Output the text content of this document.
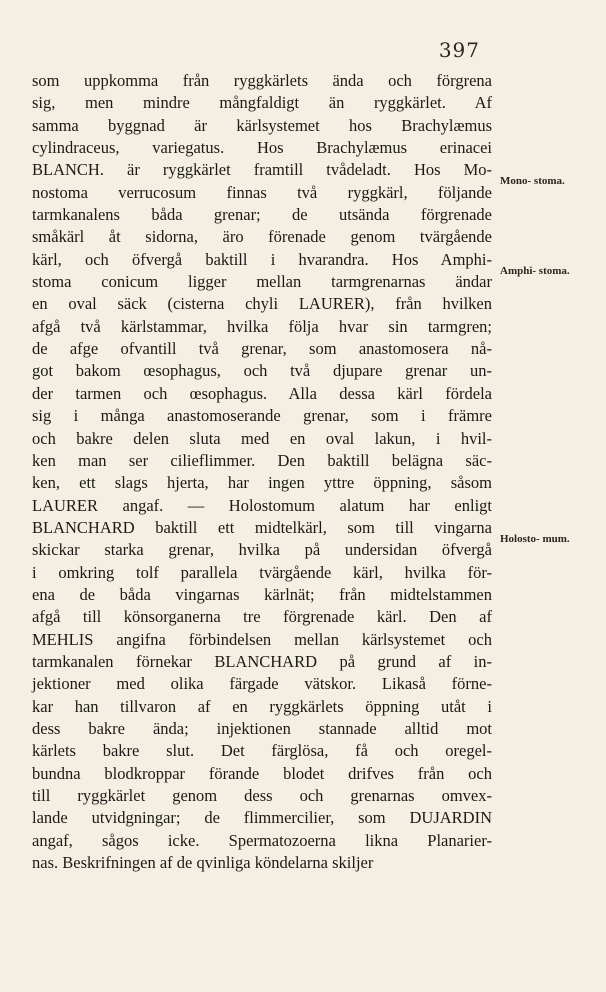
397
som uppkomma från ryggkärlets ända och förgrena
sig, men mindre mångfaldigt än ryggkärlet. Af
samma byggnad är kärlsystemet hos Brachylæmus
cylindraceus, variegatus. Hos Brachylæmus erinacei
BLANCH. är ryggkärlet framtill tvådeladt. Hos Mo-
nostoma verrucosum finnas två ryggkärl, följande
tarmkanalens båda grenar; de utsända förgrenade
småkärl åt sidorna, äro förenade genom tvärgående
kärl, och öfvergå baktill i hvarandra. Hos Amphi-
stoma conicum ligger mellan tarmgrenarnas ändar
en oval säck (cisterna chyli LAURER), från hvilken
afgå två kärlstammar, hvilka följa hvar sin tarmgren;
de afge ofvantill två grenar, som anastomosera nå-
got bakom œsophagus, och två djupare grenar un-
der tarmen och œsophagus. Alla dessa kärl fördela
sig i många anastomoserande grenar, som i främre
och bakre delen sluta med en oval lakun, i hvil-
ken man ser cilieflimmer. Den baktill belägna säc-
ken, ett slags hjerta, har ingen yttre öppning, såsom
LAURER angaf. — Holostomum alatum har enligt
BLANCHARD baktill ett midtelkärl, som till vingarna
skickar starka grenar, hvilka på undersidan öfvergå
i omkring tolf parallela tvärgående kärl, hvilka för-
ena de båda vingarnas kärlnät; från midtelstammen
afgå till könsorganerna tre förgrenade kärl. Den af
MEHLIS angifna förbindelsen mellan kärlsystemet och
tarmkanalen förnekar BLANCHARD på grund af in-
jektioner med olika färgade vätskor. Likaså förne-
kar han tillvaron af en ryggkärlets öppning utåt i
dess bakre ända; injektionen stannade alltid mot
kärlets bakre slut. Det färglösa, få och oregel-
bundna blodkroppar förande blodet drifves från och
till ryggkärlet genom dess och grenarnas omvex-
lande utvidgningar; de flimmercilier, som DUJARDIN
angaf, sågos icke. Spermatozoerna likna Planarier-
nas. Beskrifningen af de qvinliga köndelarna skiljer
Mono- stoma.
Amphi- stoma.
Holosto- mum.
